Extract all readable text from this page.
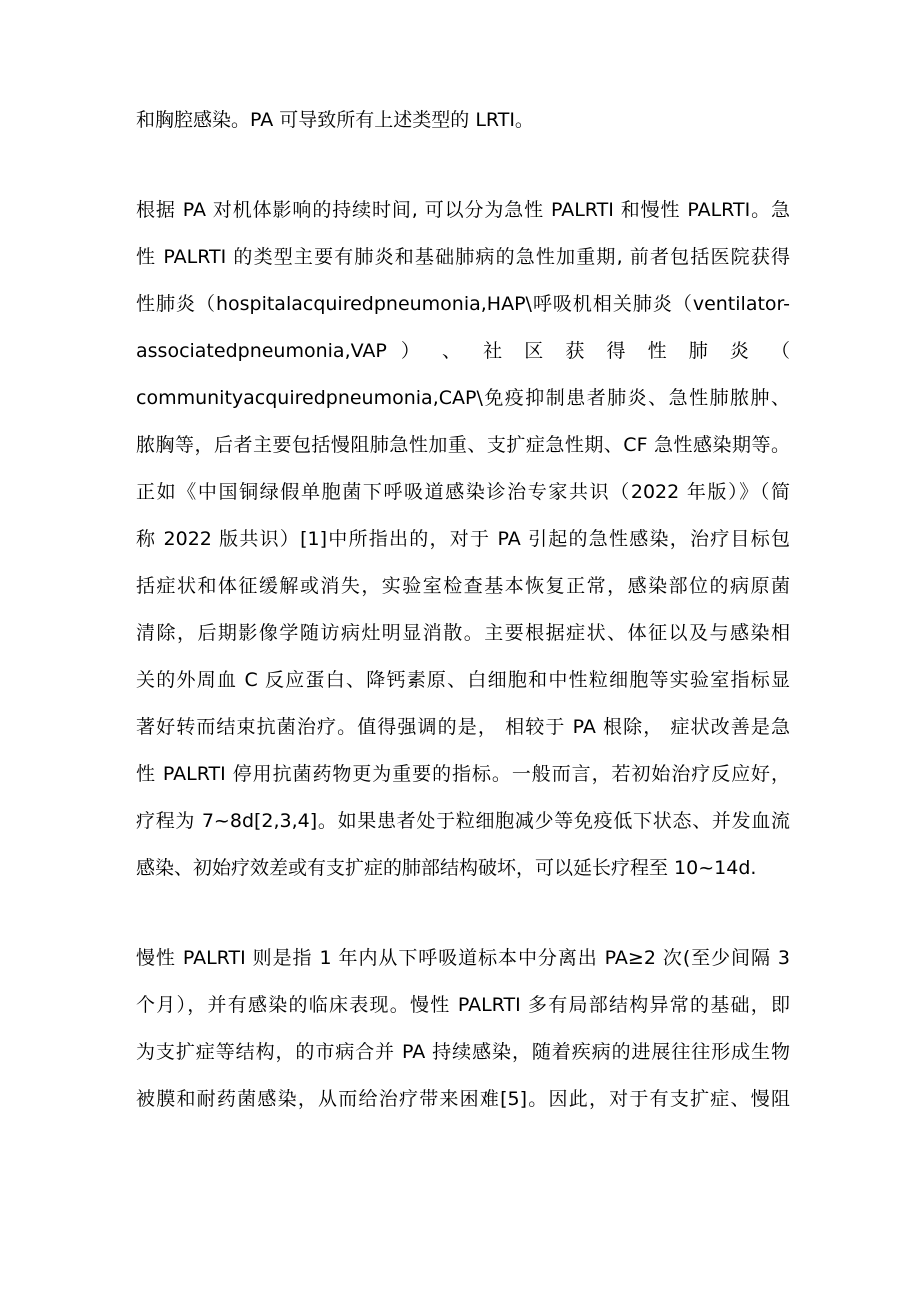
和胸腔感染。PA 可导致所有上述类型的 LRTI。
根据 PA 对机体影响的持续时间, 可以分为急性 PALRTI 和慢性 PALRTI。急
性 PALRTI 的类型主要有肺炎和基础肺病的急性加重期, 前者包括医院获得
性肺炎（hospitalacquiredpneumonia,HAP\呼吸机相关肺炎（ventilator-
associatedpneumonia,VAP ） 、 社 区 获 得 性 肺 炎 （
communityacquiredpneumonia,CAP\免疫抑制患者肺炎、急性肺脓肿、
脓胸等，后者主要包括慢阻肺急性加重、支扩症急性期、CF 急性感染期等。
正如《中国铜绿假单胞菌下呼吸道感染诊治专家共识（2022 年版）》（简
称 2022 版共识）[1]中所指出的，对于 PA 引起的急性感染，治疗目标包
括症状和体征缓解或消失，实验室检查基本恢复正常，感染部位的病原菌
清除，后期影像学随访病灶明显消散。主要根据症状、体征以及与感染相
关的外周血 C 反应蛋白、降钙素原、白细胞和中性粒细胞等实验室指标显
著好转而结束抗菌治疗。值得强调的是， 相较于 PA 根除， 症状改善是急
性 PALRTI 停用抗菌药物更为重要的指标。一般而言，若初始治疗反应好，
疗程为 7~8d[2,3,4]。如果患者处于粒细胞减少等免疫低下状态、并发血流
感染、初始疗效差或有支扩症的肺部结构破坏，可以延长疗程至 10~14d.
慢性 PALRTI 则是指 1 年内从下呼吸道标本中分离出 PA≥2 次(至少间隔 3
个月），并有感染的临床表现。慢性 PALRTI 多有局部结构异常的基础，即
为支扩症等结构，的市病合并 PA 持续感染，随着疾病的进展往往形成生物
被膜和耐药菌感染，从而给治疗带来困难[5]。因此，对于有支扩症、慢阻
